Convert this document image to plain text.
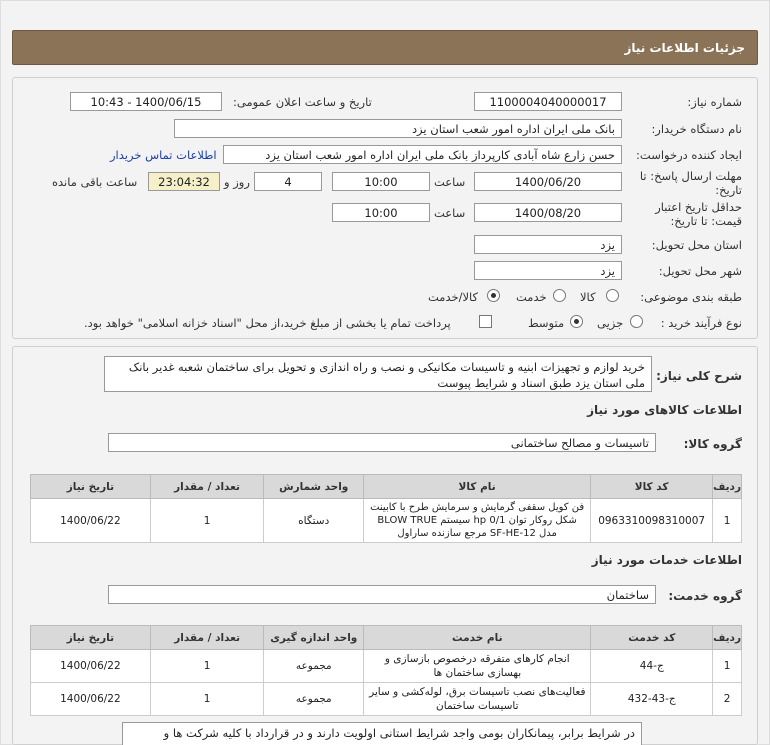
جزئیات اطلاعات نیاز
شماره نیاز:
1100004040000017
تاریخ و ساعت اعلان عمومی:
1400/06/15 - 10:43
نام دستگاه خریدار:
بانک ملی ایران اداره امور شعب استان یزد
ایجاد کننده درخواست:
حسن زارع شاه آبادی کارپرداز بانک ملی ایران اداره امور شعب استان یزد
اطلاعات تماس خریدار
مهلت ارسال پاسخ: تا
تاریخ:
1400/06/20
ساعت
10:00
4
روز و
23:04:32
ساعت باقی مانده
حداقل تاریخ اعتبار
قیمت: تا تاریخ:
1400/08/20
ساعت
10:00
استان محل تحویل:
یزد
شهر محل تحویل:
یزد
طبقه بندی موضوعی:
کالا
خدمت
کالا/خدمت
نوع فرآیند خرید :
جزیی
متوسط
پرداخت تمام یا بخشی از مبلغ خرید،از محل "اسناد خزانه اسلامی" خواهد بود.
شرح کلی نیاز:
خرید لوازم و تجهیزات ابنیه و تاسیسات مکانیکی و نصب و راه اندازی و تحویل برای ساختمان شعبه غدیر بانک ملی استان یزد طبق اسناد و شرایط پیوست
اطلاعات کالاهای مورد نیاز
گروه کالا:
تاسیسات و مصالح ساختمانی
ردیف	کد کالا	نام کالا	واحد شمارش	تعداد / مقدار	تاریخ نیاز
1	0963310098310007	فن کویل سقفی گرمایش و سرمایش طرح با کابینت شکل روکار توان hp 0/1 سیستم BLOW TRUE مدل SF-HE-12 مرجع سازنده ساراول	دستگاه	1	1400/06/22
اطلاعات خدمات مورد نیاز
گروه خدمت:
ساختمان
ردیف	کد خدمت	نام خدمت	واحد اندازه گیری	تعداد / مقدار	تاریخ نیاز
1	ج-44	انجام کارهای متفرقه درخصوص بازسازی و بهسازی ساختمان ها	مجموعه	1	1400/06/22
2	ج-43-432	فعالیت‌های نصب تاسیسات برق، لوله‌کشی و سایر تاسیسات ساختمان	مجموعه	1	1400/06/22
در شرایط برابر، پیمانکاران بومی واجد شرایط استانی اولویت دارند و در قرارداد با کلیه شرکت ها و
